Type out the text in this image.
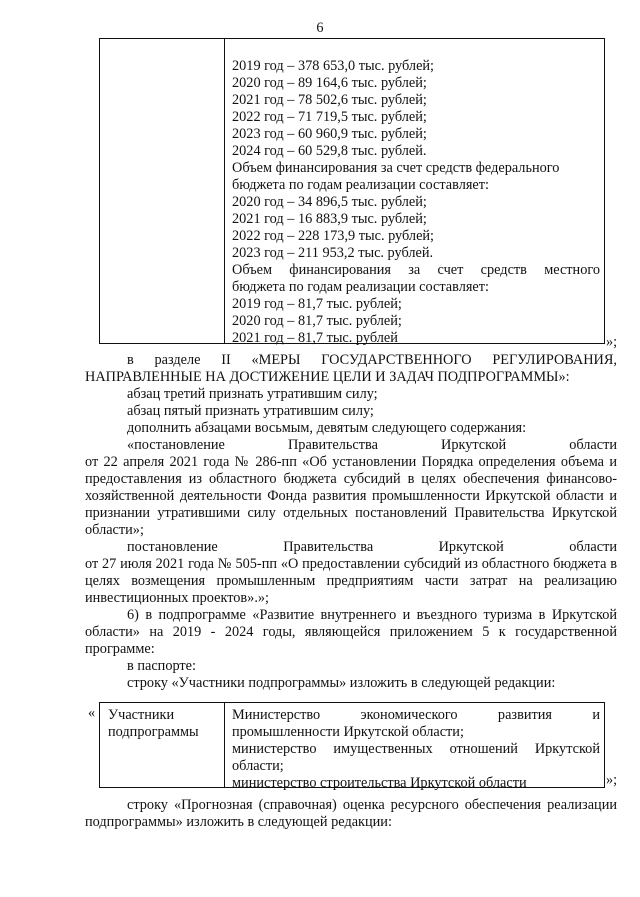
6
2019 год – 378 653,0 тыс. рублей;
2020 год – 89 164,6 тыс. рублей;
2021 год – 78 502,6 тыс. рублей;
2022 год – 71 719,5 тыс. рублей;
2023 год – 60 960,9 тыс. рублей;
2024 год – 60 529,8 тыс. рублей.
Объем финансирования за счет средств федерального
бюджета по годам реализации составляет:
2020 год – 34 896,5 тыс. рублей;
2021 год – 16 883,9 тыс. рублей;
2022 год – 228 173,9 тыс. рублей;
2023 год – 211 953,2 тыс. рублей.
Объем финансирования за счет средств местного
бюджета по годам реализации составляет:
2019 год – 81,7 тыс. рублей;
2020 год – 81,7 тыс. рублей;
2021 год – 81,7 тыс. рублей	»;

в разделе II «МЕРЫ ГОСУДАРСТВЕННОГО РЕГУЛИРОВАНИЯ,

НАПРАВЛЕННЫЕ НА ДОСТИЖЕНИЕ ЦЕЛИ И ЗАДАЧ ПОДПРОГРАММЫ»:

абзац третий признать утратившим силу;

абзац пятый признать утратившим силу;

дополнить абзацами восьмым, девятым следующего содержания:

«постановление Правительства Иркутской области

от 22 апреля 2021 года № 286-пп «Об установлении Порядка определения объема и предоставления из областного бюджета субсидий в целях обеспечения финансово-хозяйственной деятельности Фонда развития промышленности Иркутской области и признании утратившими силу отдельных постановлений Правительства Иркутской области»;

постановление Правительства Иркутской области

от 27 июля 2021 года № 505-пп «О предоставлении субсидий из областного бюджета в целях возмещения промышленным предприятиям части затрат на реализацию инвестиционных проектов».»;

6) в подпрограмме «Развитие внутреннего и въездного туризма в Иркутской области» на 2019 - 2024 годы, являющейся приложением 5 к государственной программе:

в паспорте:

строку «Участники подпрограммы» изложить в следующей редакции:

« Участники подпрограммы
Министерство экономического развития и
промышленности Иркутской области;
министерство имущественных отношений Иркутской
области;
министерство строительства Иркутской области	»;

строку «Прогнозная (справочная) оценка ресурсного обеспечения реализации подпрограммы» изложить в следующей редакции:
